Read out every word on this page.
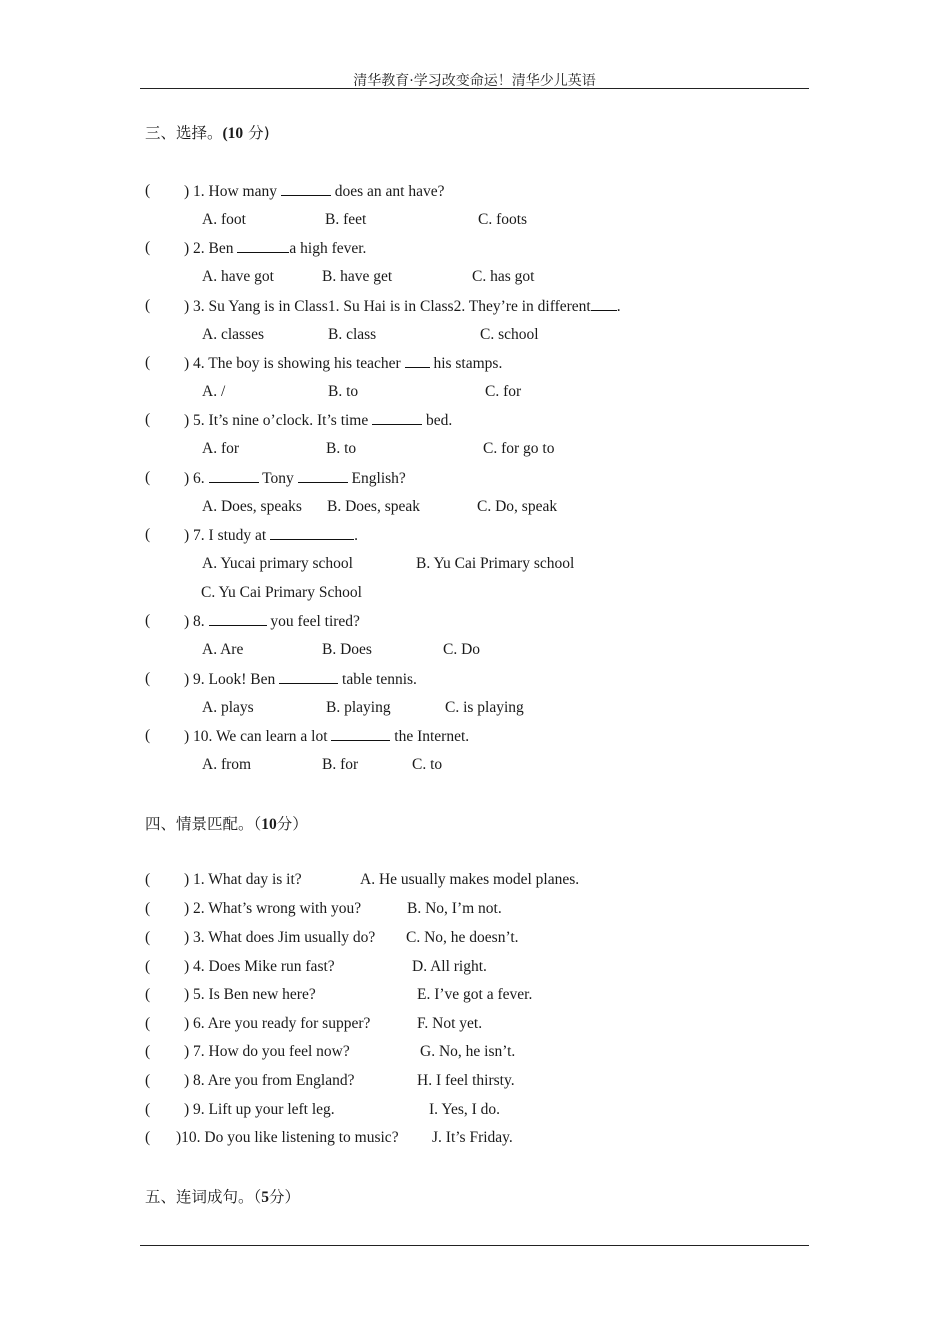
清华教育·学习改变命运！清华少儿英语
三、选择。(10 分)
( ) 1. How many	does an ant have?
A. foot	B. feet	C. foots
( ) 2. Ben	a high fever.
A. have got	B. have get	C. has got
( ) 3. Su Yang is in Class1. Su Hai is in Class2. They’re in different .
A. classes	B. class	C. school
( ) 4. The boy is showing his teacher his stamps.
A. /	B. to	C. for
( ) 5. It’s nine o’clock. It’s time	bed.
A. for	B. to	C. for go to
( ) 6.	Tony	English?
A. Does, speaks B. Does, speak	C. Do, speak
( ) 7. I study at	.
A. Yucai primary school	B. Yu Cai Primary school
C. Yu Cai Primary School
( ) 8.	you feel tired?
A. Are	B. Does	C. Do
( ) 9. Look! Ben	table tennis.
A. plays	B. playing	C. is playing
( ) 10. We can learn a lot	the Internet.
A. from	B. for	C. to
四、情景匹配。（10分）
( ) 1. What day is it?	A. He usually makes model planes.
( ) 2. What’s wrong with you?	B. No, I’m not.
( ) 3. What does Jim usually do? C. No, he doesn’t.
( ) 4. Does Mike run fast?	D. All right.
( ) 5. Is Ben new here?	E. I’ve got a fever.
( ) 6. Are you ready for supper?	F. Not yet.
( ) 7. How do you feel now?	G. No, he isn’t.
( ) 8. Are you from England?	H. I feel thirsty.
( ) 9. Lift up your left leg.	I. Yes, I do.
( )10. Do you like listening to music? J. It’s Friday.
五、连词成句。（5分）
